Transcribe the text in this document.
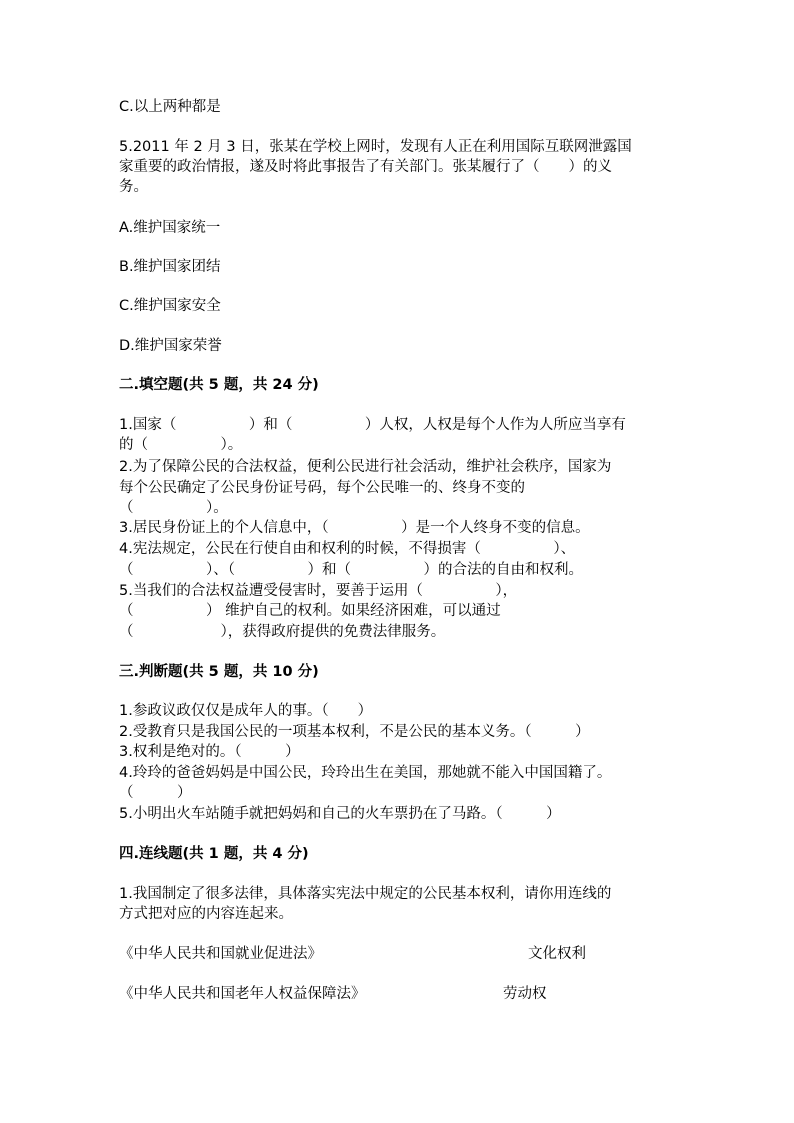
C.以上两种都是
5.2011 年 2 月 3 日，张某在学校上网时，发现有人正在利用国际互联网泄露国
家重要的政治情报，遂及时将此事报告了有关部门。张某履行了（　　）的义
务。
A.维护国家统一
B.维护国家团结
C.维护国家安全
D.维护国家荣誉
二.填空题(共 5 题，共 24 分)
1.国家（　　　　　）和（　　　　　）人权，人权是每个人作为人所应当享有
的（　　　　　）。
2.为了保障公民的合法权益，便利公民进行社会活动，维护社会秩序，国家为
每个公民确定了公民身份证号码，每个公民唯一的、终身不变的
（　　　　　）。
3.居民身份证上的个人信息中，（　　　　　）是一个人终身不变的信息。
4.宪法规定，公民在行使自由和权利的时候，不得损害（　　　　　）、
（　　　　　）、（　　　　　）和（　　　　　）的合法的自由和权利。
5.当我们的合法权益遭受侵害时，要善于运用（　　　　　），
（　　　　　） 维护自己的权利。如果经济困难，可以通过
（　　　　　　），获得政府提供的免费法律服务。
三.判断题(共 5 题，共 10 分)
1.参政议政仅仅是成年人的事。（　　）
2.受教育只是我国公民的一项基本权利，不是公民的基本义务。（　　　）
3.权利是绝对的。（　　　）
4.玲玲的爸爸妈妈是中国公民，玲玲出生在美国，那她就不能入中国国籍了。
（　　　）
5.小明出火车站随手就把妈妈和自己的火车票扔在了马路。（　　　）
四.连线题(共 1 题，共 4 分)
1.我国制定了很多法律，具体落实宪法中规定的公民基本权利，请你用连线的
方式把对应的内容连起来。
《中华人民共和国就业促进法》	文化权利
《中华人民共和国老年人权益保障法》	劳动权
